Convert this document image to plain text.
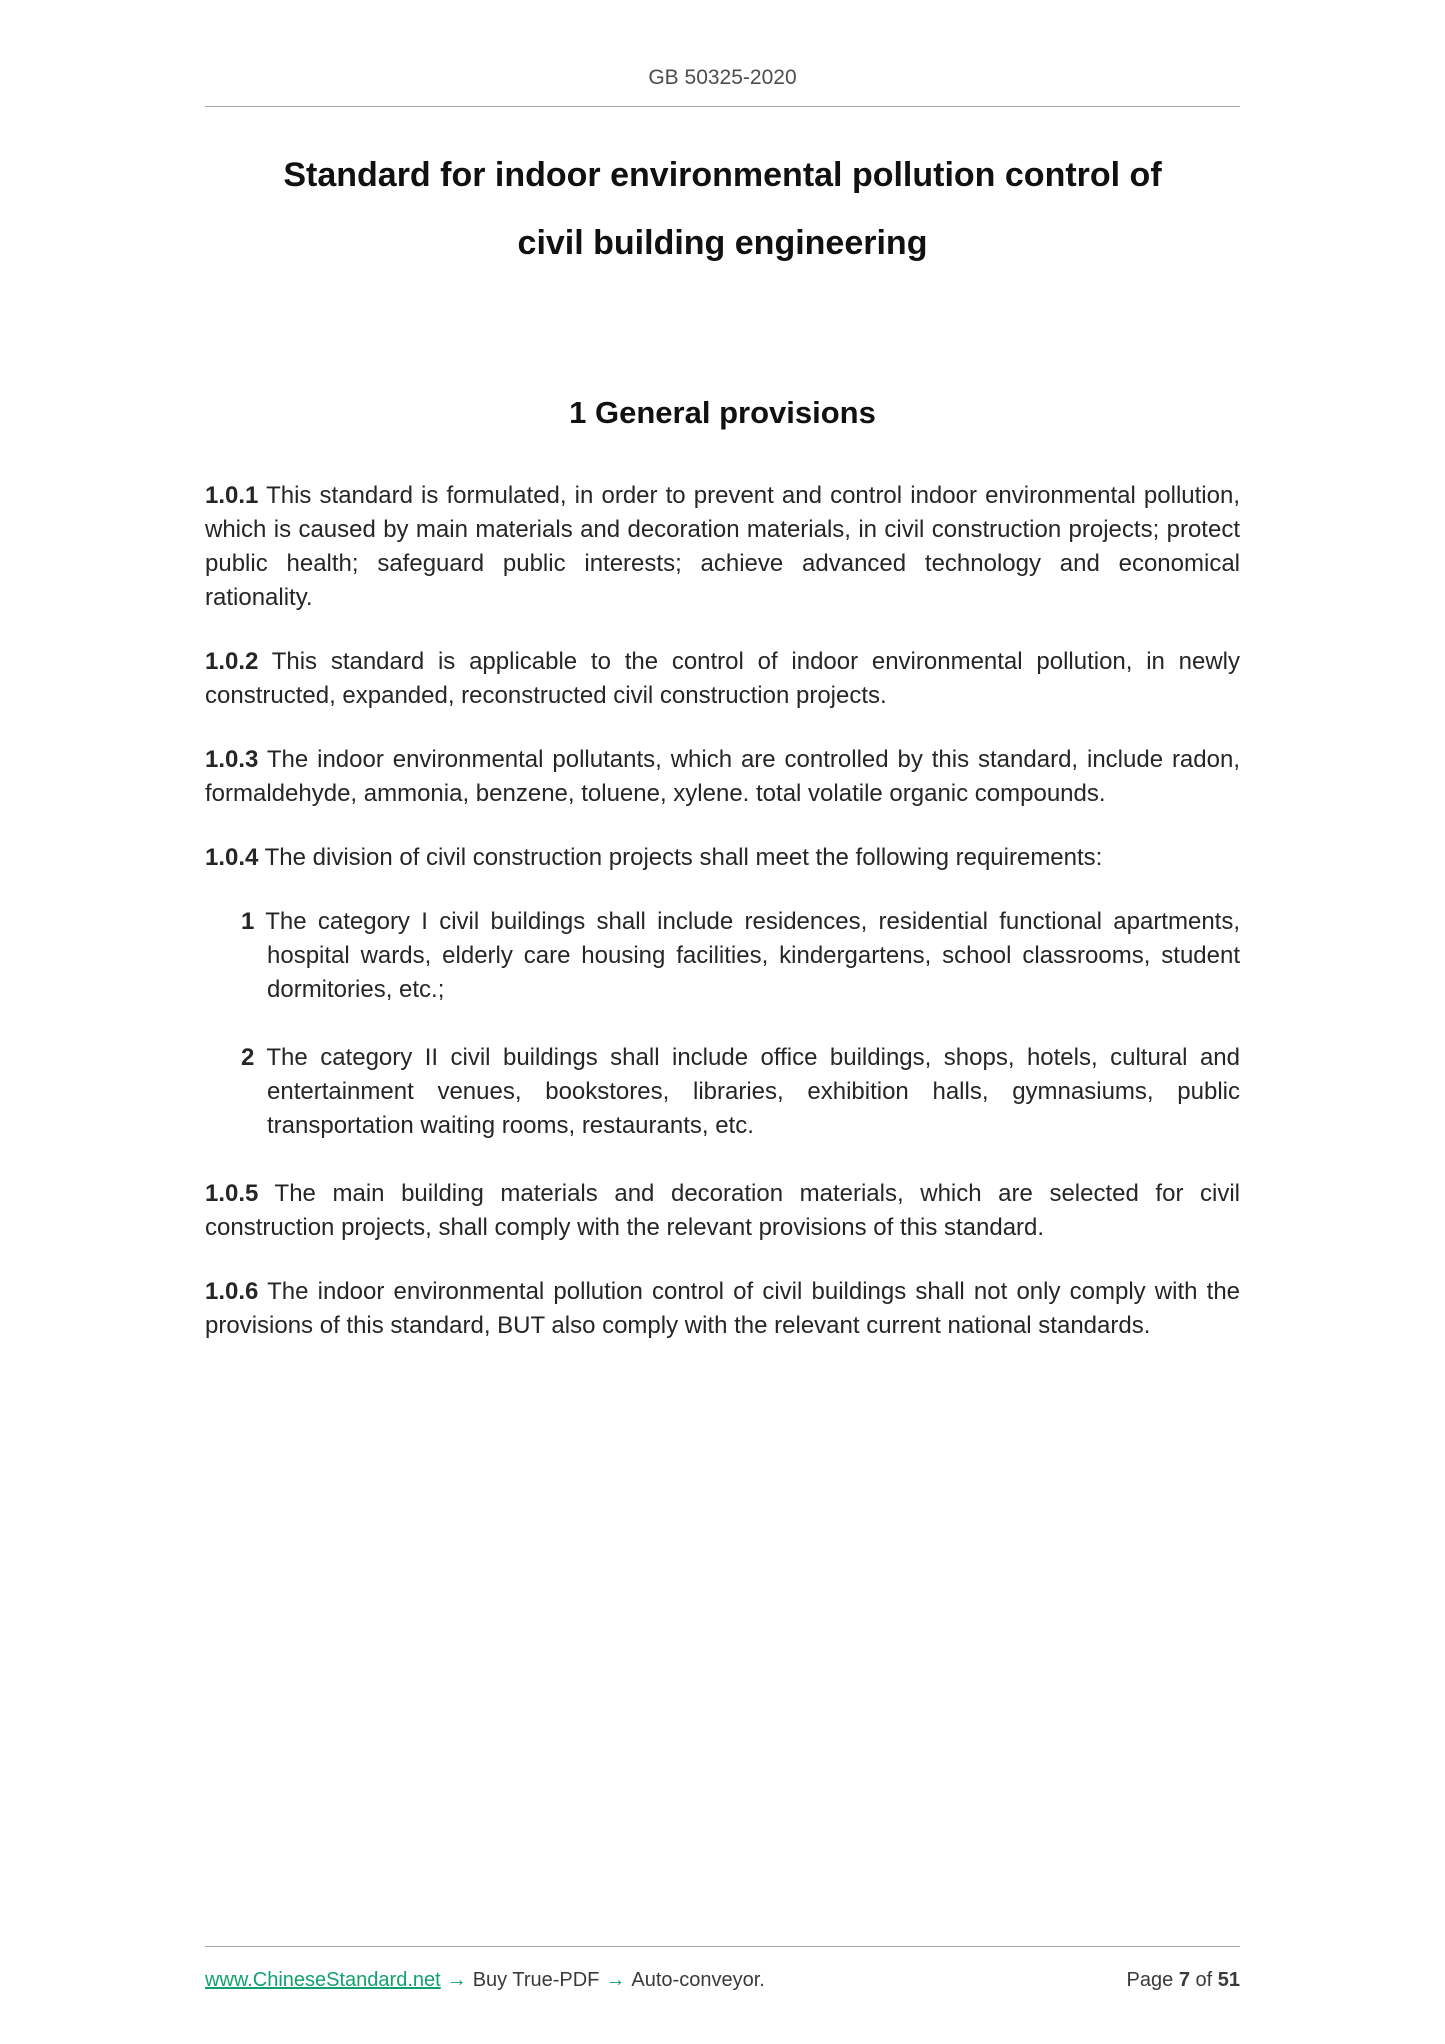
GB 50325-2020
Standard for indoor environmental pollution control of
civil building engineering
1 General provisions

1.0.1 This standard is formulated, in order to prevent and control indoor environmental pollution, which is caused by main materials and decoration materials, in civil construction projects; protect public health; safeguard public interests; achieve advanced technology and economical rationality.

1.0.2 This standard is applicable to the control of indoor environmental pollution, in newly constructed, expanded, reconstructed civil construction projects.

1.0.3 The indoor environmental pollutants, which are controlled by this standard, include radon, formaldehyde, ammonia, benzene, toluene, xylene. total volatile organic compounds.

1.0.4 The division of civil construction projects shall meet the following requirements:

1 The category I civil buildings shall include residences, residential functional apartments, hospital wards, elderly care housing facilities, kindergartens, school classrooms, student dormitories, etc.;

2 The category II civil buildings shall include office buildings, shops, hotels, cultural and entertainment venues, bookstores, libraries, exhibition halls, gymnasiums, public transportation waiting rooms, restaurants, etc.

1.0.5 The main building materials and decoration materials, which are selected for civil construction projects, shall comply with the relevant provisions of this standard.

1.0.6 The indoor environmental pollution control of civil buildings shall not only comply with the provisions of this standard, BUT also comply with the relevant current national standards.

www.ChineseStandard.net → Buy True-PDF → Auto-conveyor.	Page 7 of 51
